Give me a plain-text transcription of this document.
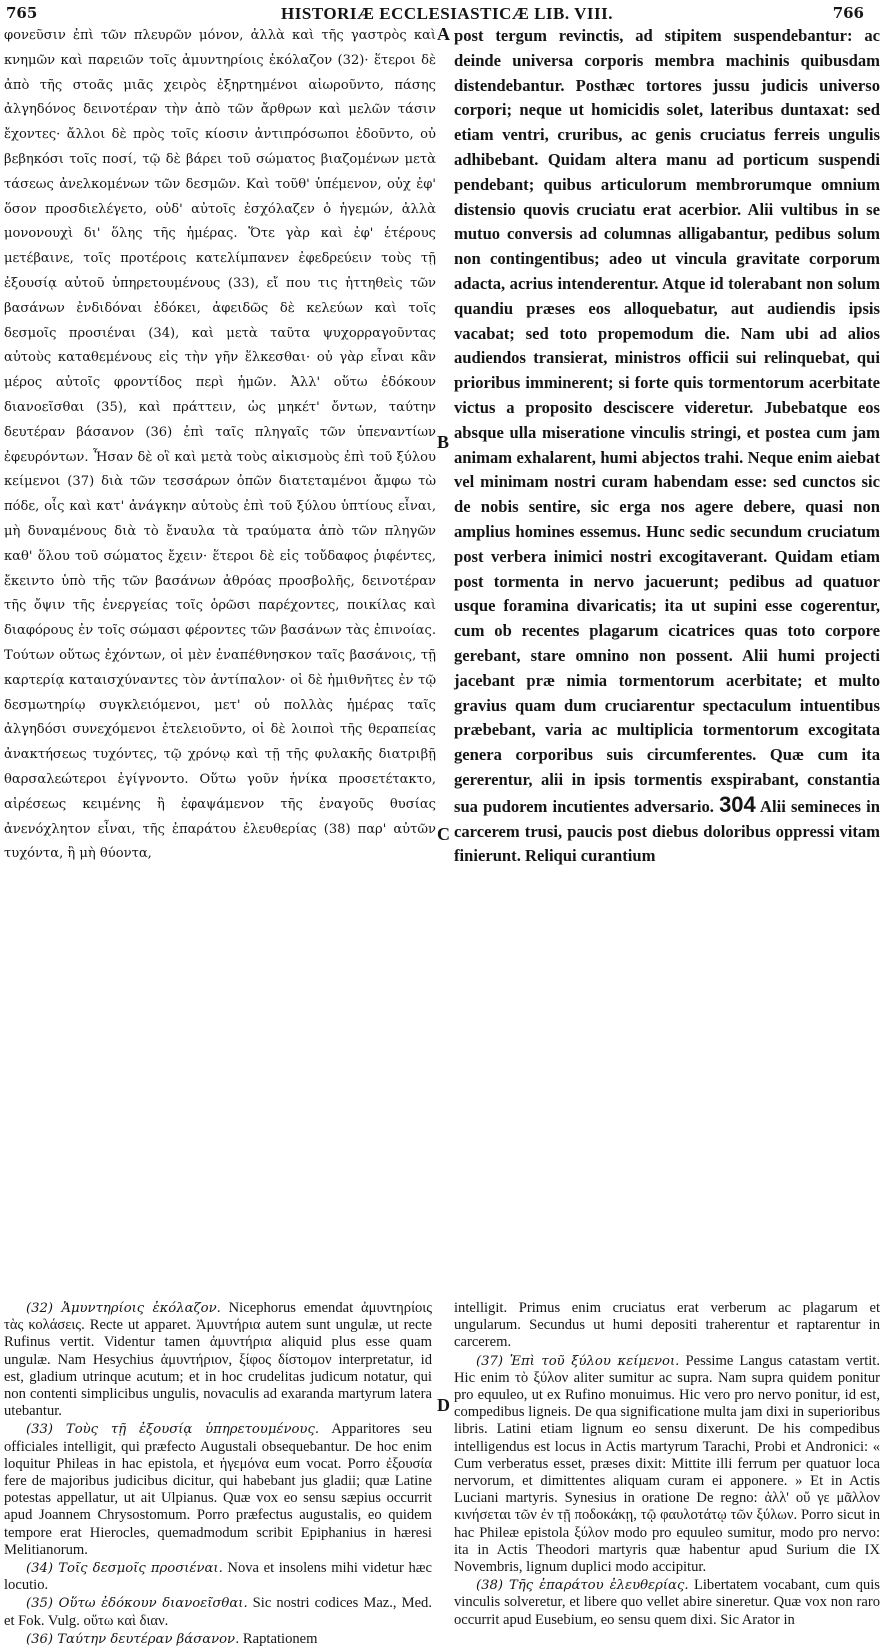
765	HISTORIÆ ECCLESIASTICÆ LIB. VIII.	766

φονεῦσιν ἐπὶ τῶν πλευρῶν μόνον, ἀλλὰ καὶ τῆς γαστρὸς καὶ κνημῶν καὶ παρειῶν τοῖς ἀμυντηρίοις ἐκόλαζον (32)· ἕτεροι δὲ ἀπὸ τῆς στοᾶς μιᾶς χειρὸς ἐξηρτημένοι αἰωροῦντο, πάσης ἀλγηδόνος δεινοτέραν τὴν ἀπὸ τῶν ἄρθρων καὶ μελῶν τάσιν ἔχοντες· ἄλλοι δὲ πρὸς τοῖς κίοσιν ἀντιπρόσωποι ἐδοῦντο, οὐ βεβηκόσι τοῖς ποσί, τῷ δὲ βάρει τοῦ σώματος βιαζομένων μετὰ τάσεως ἀνελκομένων τῶν δεσμῶν. Καὶ τοῦθ' ὑπέμενον, οὐχ ἐφ' ὅσον προσδιελέγετο, οὐδ' αὐτοῖς ἐσχόλαζεν ὁ ἡγεμών, ἀλλὰ μονονουχὶ δι' ὅλης τῆς ἡμέρας. Ὅτε γὰρ καὶ ἐφ' ἑτέρους μετέβαινε, τοῖς προτέροις κατελίμπανεν ἐφεδρεύειν τοὺς τῇ ἐξουσίᾳ αὐτοῦ ὑπηρετουμένους (33), εἴ που τις ἡττηθεὶς τῶν βασάνων ἐνδιδόναι ἐδόκει, ἀφειδῶς δὲ κελεύων καὶ τοῖς δεσμοῖς προσιέναι (34), καὶ μετὰ ταῦτα ψυχορραγοῦντας αὐτοὺς καταθεμένους εἰς τὴν γῆν ἕλκεσθαι· οὐ γὰρ εἶναι κἂν μέρος αὐτοῖς φροντίδος περὶ ἡμῶν. Ἀλλ' οὕτω ἐδόκουν διανοεῖσθαι (35), καὶ πράττειν, ὡς μηκέτ' ὄντων, ταύτην δευτέραν βάσανον (36) ἐπὶ ταῖς πληγαῖς τῶν ὑπεναντίων ἐφευρόντων. Ἦσαν δὲ οἳ καὶ μετὰ τοὺς αἰκισμοὺς ἐπὶ τοῦ ξύλου κείμενοι (37) διὰ τῶν τεσσάρων ὀπῶν διατεταμένοι ἄμφω τὼ πόδε, οἷς καὶ κατ' ἀνάγκην αὐτοὺς ἐπὶ τοῦ ξύλου ὑπτίους εἶναι, μὴ δυναμένους διὰ τὸ ἔναυλα τὰ τραύματα ἀπὸ τῶν πληγῶν καθ' ὅλου τοῦ σώματος ἔχειν· ἕτεροι δὲ εἰς τοὔδαφος ῥιφέντες, ἔκειντο ὑπὸ τῆς τῶν βασάνων ἀθρόας προσβολῆς, δεινοτέραν τῆς ὄψιν τῆς ἐνεργείας τοῖς ὁρῶσι παρέχοντες, ποικίλας καὶ διαφόρους ἐν τοῖς σώμασι φέροντες τῶν βασάνων τὰς ἐπινοίας. Τούτων οὕτως ἐχόντων, οἱ μὲν ἐναπέθνησκον ταῖς βασάνοις, τῇ καρτερίᾳ καταισχύναντες τὸν ἀντίπαλον· οἱ δὲ ἡμιθνῆτες ἐν τῷ δεσμωτηρίῳ συγκλειόμενοι, μετ' οὐ πολλὰς ἡμέρας ταῖς ἀλγηδόσι συνεχόμενοι ἐτελειοῦντο, οἱ δὲ λοιποὶ τῆς θεραπείας ἀνακτήσεως τυχόντες, τῷ χρόνῳ καὶ τῇ τῆς φυλακῆς διατριβῇ θαρσαλεώτεροι ἐγίγνοντο. Οὕτω γοῦν ἡνίκα προσετέτακτο, αἱρέσεως κειμένης ἢ ἐφαψάμενον τῆς ἐναγοῦς θυσίας ἀνενόχλητον εἶναι, τῆς ἐπαράτου ἐλευθερίας (38) παρ' αὐτῶν τυχόντα, ἢ μὴ θύοντα,

A
B
C
D

post tergum revinctis, ad stipitem suspendebantur: ac deinde universa corporis membra machinis quibusdam distendebantur. Posthæc tortores jussu judicis universo corpori; neque ut homicidis solet, lateribus duntaxat: sed etiam ventri, cruribus, ac genis cruciatus ferreis ungulis adhibebant. Quidam altera manu ad porticum suspendi pendebant; quibus articulorum membrorumque omnium distensio quovis cruciatu erat acerbior. Alii vultibus in se mutuo conversis ad columnas alligabantur, pedibus solum non contingentibus; adeo ut vincula gravitate corporum adacta, acrius intenderentur. Atque id tolerabant non solum quandiu præses eos alloquebatur, aut audiendis ipsis vacabat; sed toto propemodum die. Nam ubi ad alios audiendos transierat, ministros officii sui relinquebat, qui prioribus imminerent; si forte quis tormentorum acerbitate victus a proposito desciscere videretur. Jubebatque eos absque ulla miseratione vinculis stringi, et postea cum jam animam exhalarent, humi abjectos trahi. Neque enim aiebat vel minimam nostri curam habendam esse: sed cunctos sic de nobis sentire, sic erga nos agere debere, quasi non amplius homines essemus. Hunc sedic secundum cruciatum post verbera inimici nostri excogitaverant. Quidam etiam post tormenta in nervo jacuerunt; pedibus ad quatuor usque foramina divaricatis; ita ut supini esse cogerentur, cum ob recentes plagarum cicatrices quas toto corpore gerebant, stare omnino non possent. Alii humi projecti jacebant præ nimia tormentorum acerbitate; et multo gravius quam dum cruciarentur spectaculum intuentibus præbebant, varia ac multiplicia tormentorum excogitata genera corporibus suis circumferentes. Quæ cum ita gererentur, alii in ipsis tormentis exspirabant, constantia sua pudorem incutientes adversario. 304 Alii semineces in carcerem trusi, paucis post diebus doloribus oppressi vitam finierunt. Reliqui curantium

(32) Ἀμυντηρίοις ἐκόλαζον. Nicephorus emendat ἀμυντηρίοις τὰς κολάσεις. Recte ut apparet. Ἀμυντήρια autem sunt ungulæ, ut recte Rufinus vertit. Videntur tamen ἀμυντήρια aliquid plus esse quam ungulæ. Nam Hesychius ἀμυντήριον, ξίφος δίστομον interpretatur, id est, gladium utrinque acutum; et in hoc crudelitas judicum notatur, qui non contenti simplicibus ungulis, novaculis ad exaranda martyrum latera utebantur.

(33) Τοὺς τῇ ἐξουσίᾳ ὑπηρετουμένους. Apparitores seu officiales intelligit, qui præfecto Augustali obsequebantur. De hoc enim loquitur Phileas in hac epistola, et ἡγεμόνα eum vocat. Porro ἐξουσία fere de majoribus judicibus dicitur, qui habebant jus gladii; quæ Latine potestas appellatur, ut ait Ulpianus. Quæ vox eo sensu sæpius occurrit apud Joannem Chrysostomum. Porro præfectus augustalis, eo quidem tempore erat Hierocles, quemadmodum scribit Epiphanius in hæresi Melitianorum.

(34) Τοῖς δεσμοῖς προσιέναι. Nova et insolens mihi videtur hæc locutio.

(35) Οὕτω ἐδόκουν διανοεῖσθαι. Sic nostri codices Maz., Med. et Fok. Vulg. οὕτω καὶ διαν.

(36) Ταύτην δευτέραν βάσανον. Raptationem

intelligit. Primus enim cruciatus erat verberum ac plagarum et ungularum. Secundus ut humi depositi traherentur et raptarentur in carcerem.

(37) Ἐπὶ τοῦ ξύλου κείμενοι. Pessime Langus catastam vertit. Hic enim τὸ ξύλον aliter sumitur ac supra. Nam supra quidem ponitur pro equuleo, ut ex Rufino monuimus. Hic vero pro nervo ponitur, id est, compedibus ligneis. De qua significatione multa jam dixi in superioribus libris. Latini etiam lignum eo sensu dixerunt. De his compedibus intelligendus est locus in Actis martyrum Tarachi, Probi et Andronici: « Cum verberatus esset, præses dixit: Mittite illi ferrum per quatuor loca nervorum, et dimittentes aliquam curam ei apponere. » Et in Actis Luciani martyris. Synesius in oratione De regno: ἀλλ' οὔ γε μᾶλλον κινήσεται τῶν ἐν τῇ ποδοκάκῃ, τῷ φαυλοτάτῳ τῶν ξύλων. Porro sicut in hac Phileæ epistola ξύλον modo pro equuleo sumitur, modo pro nervo: ita in Actis Theodori martyris quæ habentur apud Surium die IX Novembris, lignum duplici modo accipitur.

(38) Τῆς ἐπαράτου ἐλευθερίας. Libertatem vocabant, cum quis vinculis solveretur, et libere quo vellet abire sineretur. Quæ vox non raro occurrit apud Eusebium, eo sensu quem dixi. Sic Arator in
